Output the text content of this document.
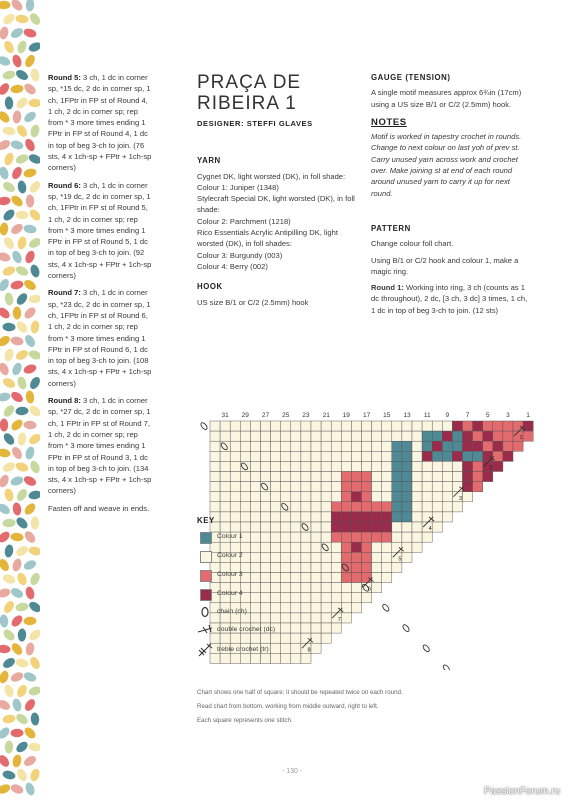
Round 5: 3 ch, 1 dc in corner sp, *15 dc, 2 dc in corner sp, 1 ch, 1FPtr in FP st of Round 4, 1 ch, 2 dc in corner sp; rep from * 3 more times ending 1 FPtr in FP st of Round 4, 1 dc in top of beg 3-ch to join. (76 sts, 4 x 1ch-sp + FPtr + 1ch-sp corners)
Round 6: 3 ch, 1 dc in corner sp, *19 dc, 2 dc in corner sp, 1 ch, 1FPtr in FP st of Round 5, 1 ch, 2 dc in corner sp; rep from * 3 more times ending 1 FPtr in FP st of Round 5, 1 dc in top of beg 3-ch to join. (92 sts, 4 x 1ch-sp + FPtr + 1ch-sp corners)
Round 7: 3 ch, 1 dc in corner sp, *23 dc, 2 dc in corner sp, 1 ch, 1FPtr in FP st of Round 6, 1 ch, 2 dc in corner sp; rep from * 3 more times ending 1 FPtr in FP st of Round 6, 1 dc in top of beg 3-ch to join. (108 sts, 4 x 1ch-sp + FPtr + 1ch-sp corners)
Round 8: 3 ch, 1 dc in corner sp, *27 dc, 2 dc in corner sp, 1 ch, 1 FPtr in FP st of Round 7, 1 ch, 2 dc in corner sp; rep from * 3 more times ending 1 FPtr in FP st of Round 3, 1 dc in top of beg 3-ch to join. (134 sts, 4 x 1ch-sp + FPtr + 1ch-sp corners)
Fasten off and weave in ends.
PRAÇA DE
RIBEIRA 1
DESIGNER: STEFFI GLAVES
YARN

Cygnet DK, light worsted (DK), in foll shade:

Colour 1: Juniper (1348)

Stylecraft Special DK, light worsted (DK), in foll shade:

Colour 2: Parchment (1218)

Rico Essentials Acrylic Antipilling DK, light worsted (DK), in foll shades:

Colour 3: Burgundy (003)

Colour 4: Berry (002)

HOOK

US size B/1 or C/2 (2.5mm) hook

GAUGE (TENSION)

A single motif measures approx 6¾in (17cm) using a US size B/1 or C/2 (2.5mm) hook.

NOTES

Motif is worked in tapestry crochet in rounds.

Change to next colour on last yoh of prev st. Carry unused yarn across work and crochet over. Make joining st at end of each round around unused yarn to carry it up for next round.

PATTERN

Change colour foll chart.

Using B/1 or C/2 hook and colour 1, make a magic ring.

Round 1: Working into ring, 3 ch (counts as 1 dc throughout), 2 dc, [3 ch, 3 dc] 3 times, 1 ch, 1 dc in top of beg 3-ch to join. (12 sts)

31 29 27 25 23 21 19 17 15 13 11 9	7	5	3	1
1
2
3
4
5
6
7
8
KEY
Colour 1
Colour 2
Colour 3
Colour 4
chain (ch)
double crochet (dc)
treble crochet (tr)
Chart shows one half of square; it should be repeated twice on each round.
Read chart from bottom, working from middle outward, right to left.
Each square represents one stitch.
- 130 -
PassionForum.ru
